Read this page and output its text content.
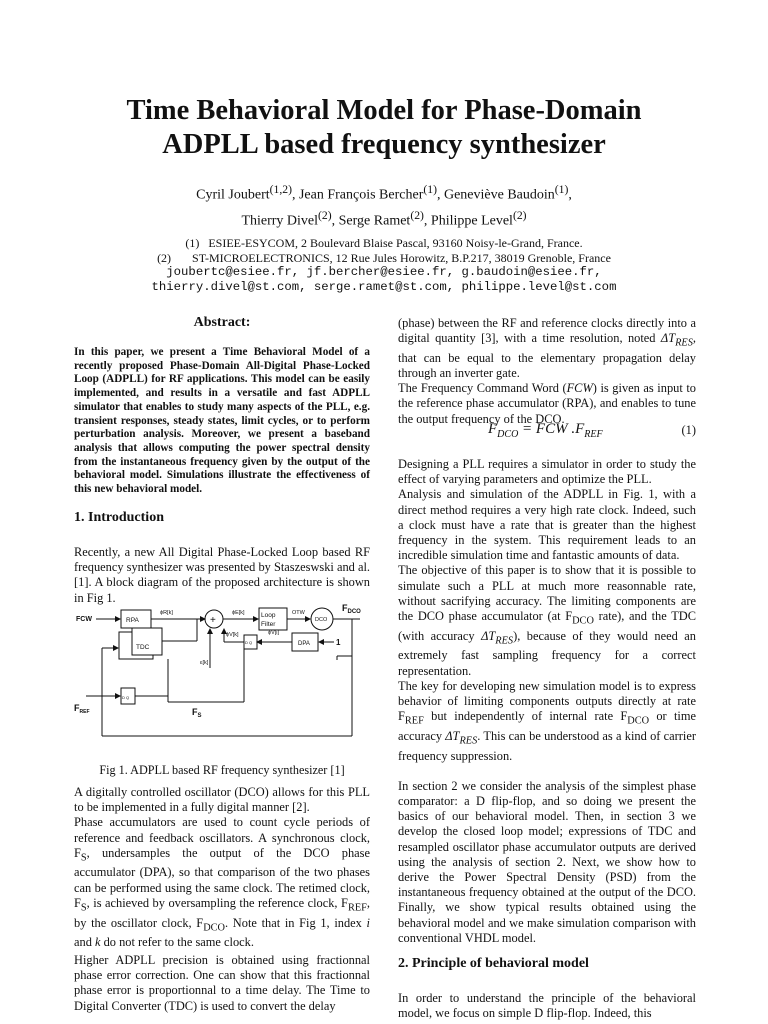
Time Behavioral Model for Phase-Domain
ADPLL based frequency synthesizer
Cyril Joubert$^{(1,2)}$, Jean François Bercher$^{(1)}$, Geneviève Baudoin$^{(1)}$,
Thierry Divel$^{(2)}$, Serge Ramet$^{(2)}$, Philippe Level$^{(2)}$
(1)   ESIEE-ESYCOM, 2 Boulevard Blaise Pascal, 93160 Noisy-le-Grand, France.
(2)       ST-MICROELECTRONICS, 12 Rue Jules Horowitz, B.P.217, 38019 Grenoble, France
joubertc@esiee.fr, jf.bercher@esiee.fr, g.baudoin@esiee.fr,
thierry.divel@st.com, serge.ramet@st.com, philippe.level@st.com
Abstract:
In this paper, we present a Time Behavioral Model of a recently proposed Phase-Domain All-Digital Phase-Locked Loop (ADPLL) for RF applications. This model can be easily implemented, and results in a versatile and fast ADPLL simulator that enables to study many aspects of the PLL, e.g. transient responses, steady states, limit cycles, or to perform perturbation analysis. Moreover, we present a baseband analysis that allows computing the power spectral density from the instantaneous frequency given by the output of the behavioral model. Simulations illustrate the effectiveness of this new behavioral model.
1. Introduction
Recently, a new All Digital Phase-Locked Loop based RF frequency synthesizer was presented by Staszeswski and al. [1]. A block diagram of the proposed architecture is shown in Fig 1.
FCW	RPA	+	Loop
Filter
OTW
DCO
$F_{DCO}$
ϕR[k]	ϕE[k]
ε[k]
ϕV[k]	ϕV[i]
TDC
D Q	DPA	1
D Q
$F_S$
$F_{REF}$
Fig 1. ADPLL based RF frequency synthesizer [1]

A digitally controlled oscillator (DCO) allows for this PLL to be implemented in a fully digital manner [2].

Phase accumulators are used to count cycle periods of reference and feedback oscillators. A synchronous clock, $F_S$, undersamples the output of the DCO phase accumulator (DPA), so that comparison of the two phases can be performed using the same clock. The retimed clock, $F_S$, is achieved by oversampling the reference clock, $F_{REF}$, by the oscillator clock, $F_{DCO}$. Note that in Fig 1, index i and k do not refer to the same clock.

Higher ADPLL precision is obtained using fractionnal phase error correction. One can show that this fractionnal phase error is proportionnal to a time delay. The Time to Digital Converter (TDC) is used to convert the delay

(phase) between the RF and reference clocks directly into a digital quantity [3], with a time resolution, noted $\Delta T_{RES}$, that can be equal to the elementary propagation delay through an inverter gate.

The Frequency Command Word (FCW) is given as input to the reference phase accumulator (RPA), and enables to tune the output frequency of the DCO.

$F_{DCO}$ = FCW $.F_{REF}$	(1)

Designing a PLL requires a simulator in order to study the effect of varying parameters and optimize the PLL.

Analysis and simulation of the ADPLL in Fig. 1, with a direct method requires a very high rate clock. Indeed, such a clock must have a rate that is greater than the highest frequency in the system. This requirement leads to an incredible simulation time and fantastic amounts of data.

The objective of this paper is to show that it is possible to simulate such a PLL at much more reasonnable rate, without sacrifying accuracy. The limiting components are the DCO phase accumulator (at $F_{DCO}$ rate), and the TDC (with accuracy $\Delta T_{RES}$), because of they would need an extremely fast sampling frequency for a correct representation.

The key for developing new simulation model is to express behavior of limiting components outputs directly at rate $F_{REF}$ but independently of internal rate $F_{DCO}$ or time accuracy $\Delta T_{RES}$. This can be understood as a kind of carrier frequency suppression.

In section 2 we consider the analysis of the simplest phase comparator: a D flip-flop, and so doing we present the basics of our behavioral model. Then, in section 3 we develop the closed loop model; expressions of TDC and resampled oscillator phase accumulator outputs are derived using the analysis of section 2. Next, we show how to derive the Power Spectral Density (PSD) from the instantaneous frequency obtained at the output of the DCO. Finally, we show typical results obtained using the behavioral model and we make simulation comparison with conventional VHDL model.

2. Principle of behavioral model
In order to understand the principle of the behavioral model, we focus on simple D flip-flop. Indeed, this
